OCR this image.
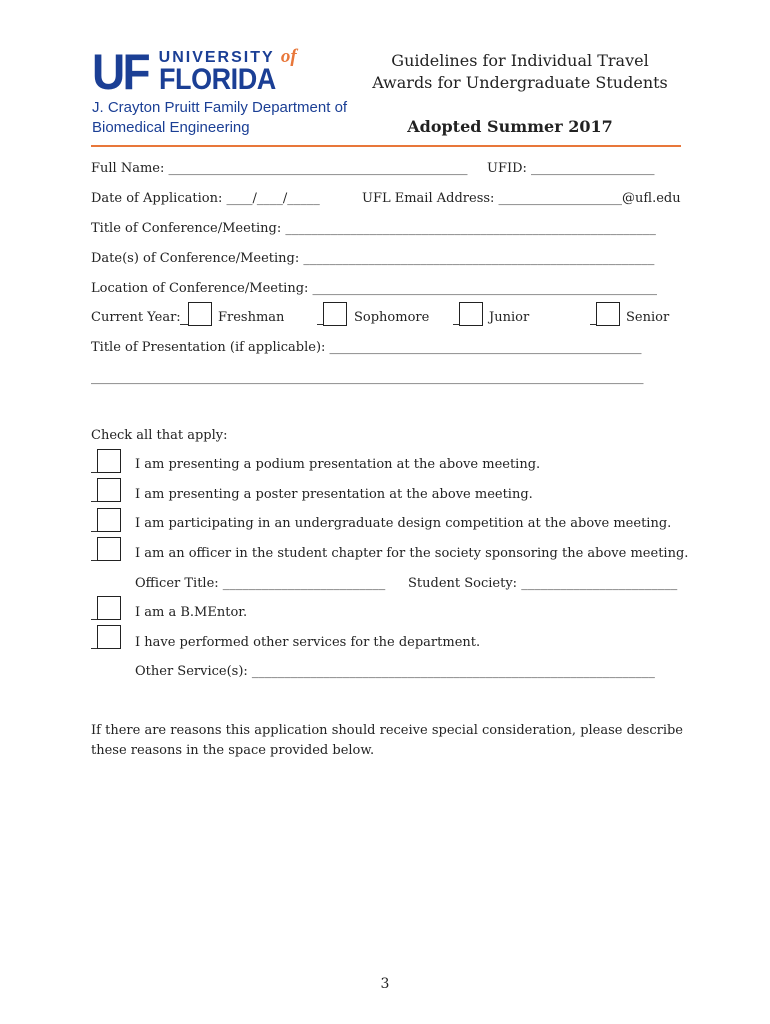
UF UNIVERSITY of
FLORIDA
J. Crayton Pruitt Family Department of
Biomedical Engineering
Guidelines for Individual Travel
Awards for Undergraduate Students
Adopted Summer 2017
Full Name: ______________________________________________ UFID: ___________________
Date of Application: ____/____/_____	UFL Email Address: ___________________@ufl.edu
Title of Conference/Meeting: _________________________________________________________
Date(s) of Conference/Meeting: ______________________________________________________
Location of Conference/Meeting: _____________________________________________________
Current Year:	Freshman	Sophomore	Junior	Senior
Title of Presentation (if applicable): ________________________________________________
_____________________________________________________________________________________
Check all that apply:
I am presenting a podium presentation at the above meeting.
I am presenting a poster presentation at the above meeting.
I am participating in an undergraduate design competition at the above meeting.
I am an officer in the student chapter for the society sponsoring the above meeting.
Officer Title: _________________________ Student Society: ________________________
I am a B.MEntor.
I have performed other services for the department.
Other Service(s): ______________________________________________________________
If there are reasons this application should receive special consideration, please describe these reasons in the space provided below.
3
